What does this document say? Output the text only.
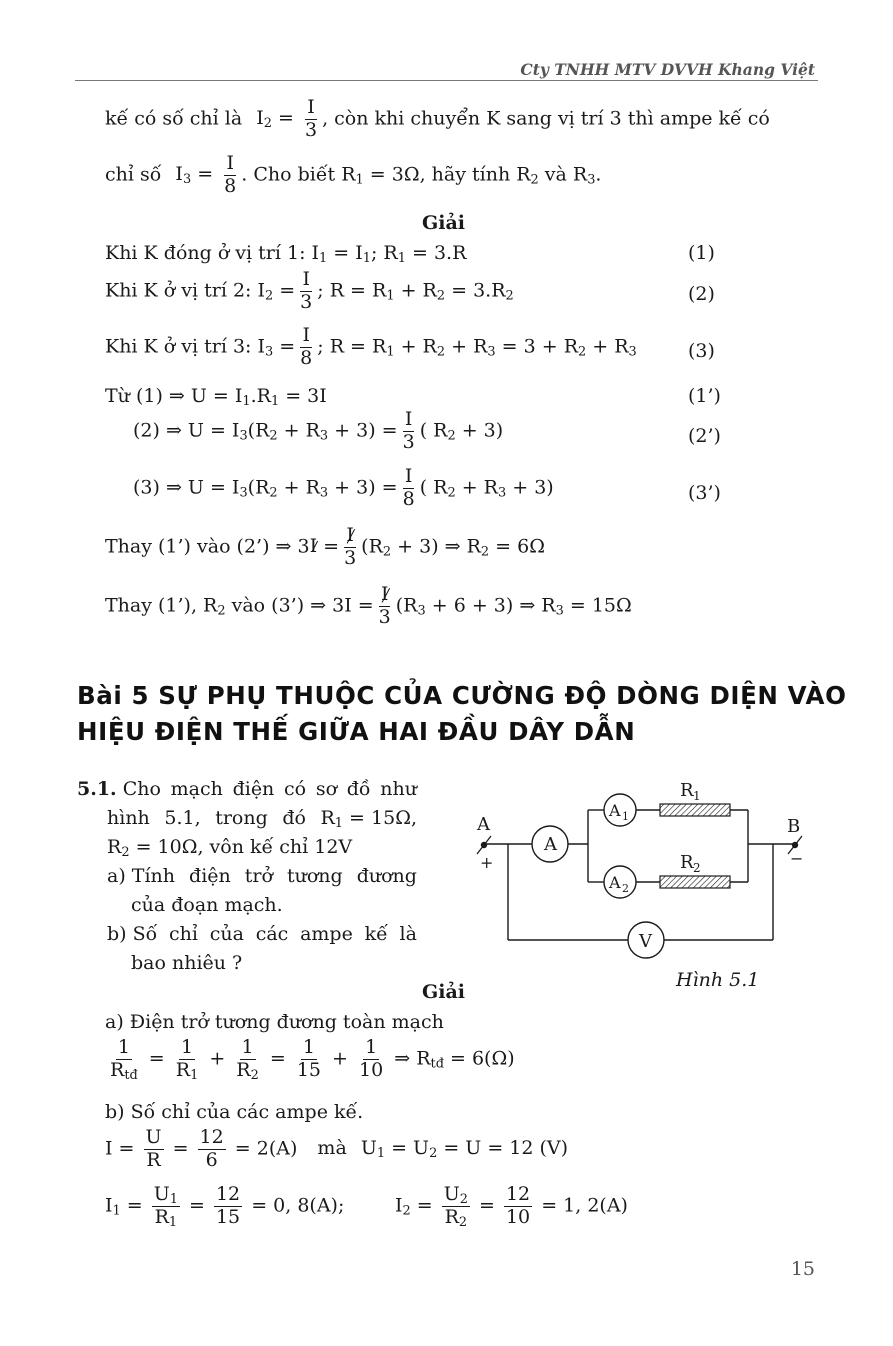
Cty TNHH MTV DVVH Khang Việt
kế có số chỉ là $I_2 = \frac{I}{3}$ , còn khi chuyển K sang vị trí 3 thì ampe kế có
chỉ số $I_3 = \frac{I}{8}$ . Cho biết $R_1 = 3\Omega$, hãy tính $R_2$ và $R_3$.
Giải
Khi K đóng ở vị trí 1: $I_1 = I_1$; $R_1 = 3.R$	(1)
Khi K ở vị trí 2: $I_2 = \frac{I}{3}$ ; $R = R_1 + R_2 = 3.R_2$	(2)
Khi K ở vị trí 3: $I_3 = \frac{I}{8}$ ; $R = R_1 + R_2 + R_3 = 3 + R_2 + R_3$	(3)
Từ (1) ⇒ $U = I_1.R_1 = 3I$	(1’)
(2) ⇒ $U = I_3(R_2 + R_3 + 3) = \frac{I}{3}$ ( $R_2 + 3$)	(2’)
(3) ⇒ $U = I_3(R_2 + R_3 + 3) = \frac{I}{8}$ ( $R_2 + R_3 + 3$)	(3’)
Thay (1’) vào (2’) ⇒ $3I = \frac{I}{3} (R_2 + 3)$ ⇒ $R_2 = 6\Omega$
Thay (1’), $R_2$ vào (3’) ⇒ $3I = \frac{I}{3} (R_3 + 6 + 3)$ ⇒ $R_3 = 15\Omega$
Bài 5 SỰ PHỤ THUỘC CỦA CƯỜNG ĐỘ DÒNG DIỆN VÀO
HIỆU ĐIỆN THẾ GIỮA HAI ĐẦU DÂY DẪN
5.1. Cho mạch điện có sơ đồ như
hình 5.1, trong đó $R_1 = 15\Omega$,
$R_2 = 10\Omega$, vôn kế chỉ 12V
a) Tính điện trở tương đương
của đoạn mạch.
b) Số chỉ của các ampe kế là
bao nhiêu ?
A
+
B
−
A
A 1
A 2
V
R 1
R 2
Hình 5.1
Giải
a) Điện trở tương đương toàn mạch
$\frac{1}{R_{tđ}} = \frac{1}{R_1} + \frac{1}{R_2} = \frac{1}{15} + \frac{1}{10}$ ⇒ $R_{tđ} = 6(\Omega)$
b) Số chỉ của các ampe kế.
$I = \frac{U}{R} = \frac{12}{6} = 2(A)$ mà $U_1 = U_2 = U = 12$ (V)
$I_1 = \frac{U_1}{R_1} = \frac{12}{15} = 0$, 8(A);	$I_2 = \frac{U_2}{R_2} = \frac{12}{10} = 1$, 2(A)
15
